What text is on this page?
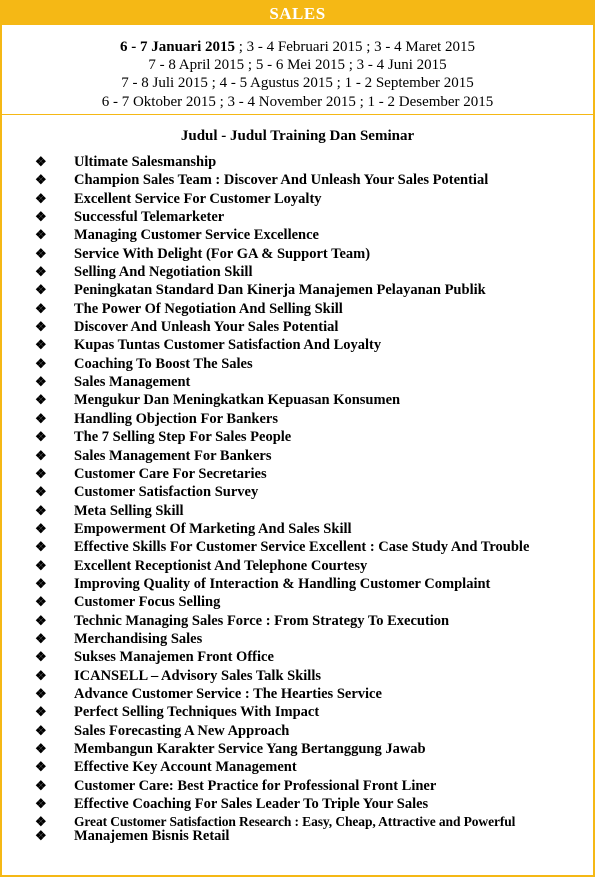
SALES
6 - 7 Januari 2015 ; 3 - 4 Februari 2015 ; 3 - 4 Maret 2015
7 - 8 April 2015 ; 5 - 6 Mei 2015 ; 3 - 4 Juni 2015
7 - 8 Juli 2015 ; 4 - 5 Agustus 2015 ; 1 - 2 September 2015
6 - 7 Oktober 2015 ; 3 - 4 November 2015 ; 1 - 2 Desember 2015
Judul - Judul Training Dan Seminar
❖ Ultimate Salesmanship
❖ Champion Sales Team : Discover And Unleash Your Sales Potential
❖ Excellent Service For Customer Loyalty
❖ Successful Telemarketer
❖ Managing Customer Service Excellence
❖ Service With Delight (For GA & Support Team)
❖ Selling And Negotiation Skill
❖ Peningkatan Standard Dan Kinerja Manajemen Pelayanan Publik
❖ The Power Of Negotiation And Selling Skill
❖ Discover And Unleash Your Sales Potential
❖ Kupas Tuntas Customer Satisfaction And Loyalty
❖ Coaching To Boost The Sales
❖ Sales Management
❖ Mengukur Dan Meningkatkan Kepuasan Konsumen
❖ Handling Objection For Bankers
❖ The 7 Selling Step For Sales People
❖ Sales Management For Bankers
❖ Customer Care For Secretaries
❖ Customer Satisfaction Survey
❖ Meta Selling Skill
❖ Empowerment Of Marketing And Sales Skill
❖ Effective Skills For Customer Service Excellent : Case Study And Trouble
❖ Excellent Receptionist And Telephone Courtesy
❖ Improving Quality of Interaction & Handling Customer Complaint
❖ Customer Focus Selling
❖ Technic Managing Sales Force : From Strategy To Execution
❖ Merchandising Sales
❖ Sukses Manajemen Front Office
❖ ICANSELL – Advisory Sales Talk Skills
❖ Advance Customer Service : The Hearties Service
❖ Perfect Selling Techniques With Impact
❖ Sales Forecasting A New Approach
❖ Membangun Karakter Service Yang Bertanggung Jawab
❖ Effective Key Account Management
❖ Customer Care: Best Practice for Professional Front Liner
❖ Effective Coaching For Sales Leader To Triple Your Sales
❖ Great Customer Satisfaction Research : Easy, Cheap, Attractive and Powerful
❖ Manajemen Bisnis Retail
